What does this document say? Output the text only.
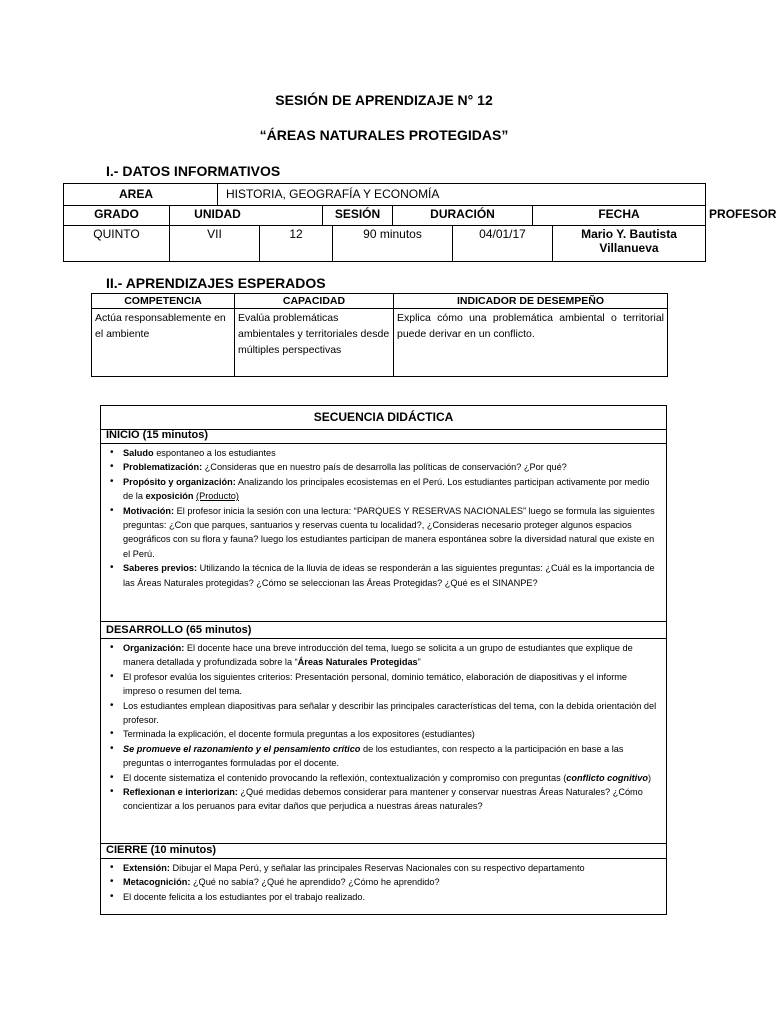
SESIÓN DE APRENDIZAJE N° 12
“ÁREAS NATURALES PROTEGIDAS”
I.- DATOS INFORMATIVOS
AREA		HISTORIA, GEOGRAFÍA Y ECONOMÍA				
GRADO	UNIDAD		SESIÓN	DURACIÓN	FECHA	PROFESOR
QUINTO	VII	12	90 minutos	04/01/17	Mario Y. Bautista Villanueva
II.- APRENDIZAJES ESPERADOS
COMPETENCIA	CAPACIDAD	INDICADOR DE DESEMPEÑO
Actúa responsablemente en el ambiente	Evalúa problemáticas ambientales y territoriales desde múltiples perspectivas	Explica cómo una problemática ambiental o territorial puede derivar en un conflicto.
SECUENCIA DIDÁCTICA
INICIO (15 minutos)
• Saludo espontaneo a los estudiantes
• Problematización: ¿Consideras que en nuestro país de desarrolla las políticas de conservación? ¿Por qué?
• Propósito y organización: Analizando los principales ecosistemas en el Perú. Los estudiantes participan activamente por medio de la exposición (Producto)
• Motivación: El profesor inicia la sesión con una lectura: “PARQUES Y RESERVAS NACIONALES” luego se formula las siguientes preguntas: ¿Con que parques, santuarios y reservas cuenta tu localidad?, ¿Consideras necesario proteger algunos espacios geográficos con su flora y fauna? luego los estudiantes participan de manera espontánea sobre la diversidad natural que existe en el Perú.
• Saberes previos: Utilizando la técnica de la lluvia de ideas se responderán a las siguientes preguntas: ¿Cuál es la importancia de las Áreas Naturales protegidas? ¿Cómo se seleccionan las Áreas Protegidas? ¿Qué es el SINANPE?
DESARROLLO (65 minutos)
• Organización: El docente hace una breve introducción del tema, luego se solicita a un grupo de estudiantes que explique de manera detallada y profundizada sobre la “Áreas Naturales Protegidas”
• El profesor evalúa los siguientes criterios: Presentación personal, dominio temático, elaboración de diapositivas y el informe impreso o resumen del tema.
• Los estudiantes emplean diapositivas para señalar y describir las principales características del tema, con la debida orientación del profesor.
• Terminada la explicación, el docente formula preguntas a los expositores (estudiantes)
• Se promueve el razonamiento y el pensamiento crítico de los estudiantes, con respecto a la participación en base a las preguntas o interrogantes formuladas por el docente.
• El docente sistematiza el contenido provocando la reflexión, contextualización y compromiso con preguntas (conflicto cognitivo)
• Reflexionan e interiorizan: ¿Qué medidas debemos considerar para mantener y conservar nuestras Áreas Naturales? ¿Cómo concientizar a los peruanos para evitar daños que perjudica a nuestras áreas naturales?
CIERRE (10 minutos)
• Extensión: Dibujar el Mapa Perú, y señalar las principales Reservas Nacionales con su respectivo departamento
• Metacognición: ¿Qué no sabía? ¿Qué he aprendido? ¿Cómo he aprendido?
• El docente felicita a los estudiantes por el trabajo realizado.
